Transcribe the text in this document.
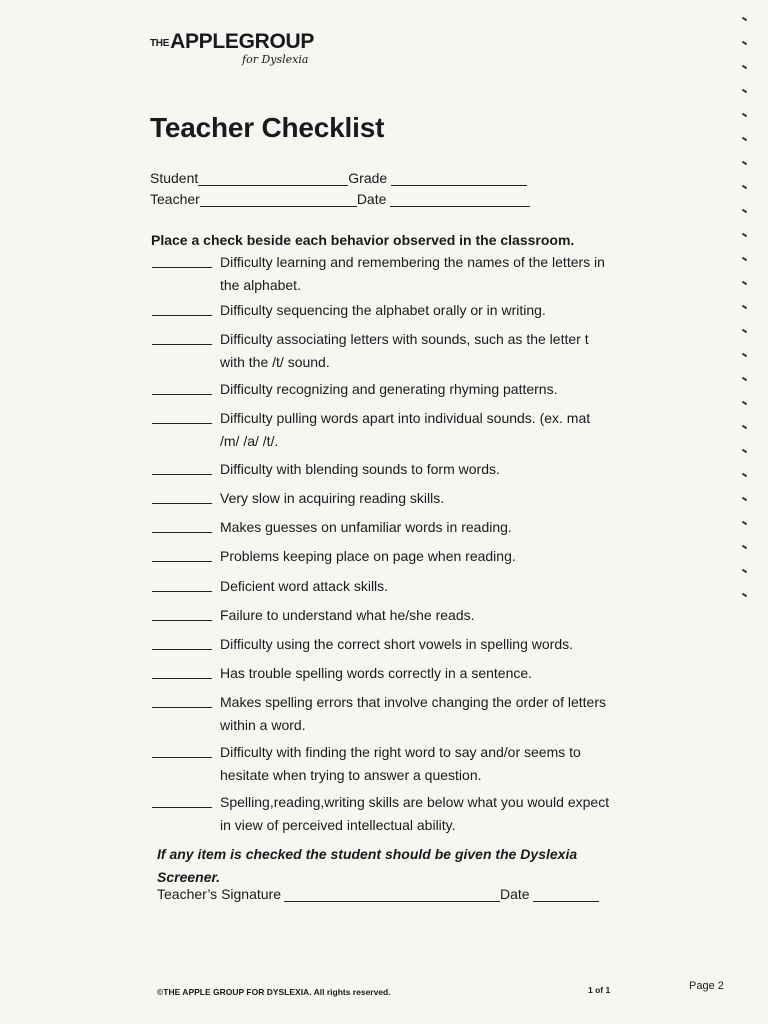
$^{THE}$APPLEGROUP
for Dyslexia
Teacher Checklist
Student	Grade
Teacher	Date
Place a check beside each behavior observed in the classroom.
Difficulty learning and remembering the names of the letters in the alphabet.
Difficulty sequencing the alphabet orally or in writing.
Difficulty associating letters with sounds, such as the letter t with the /t/ sound.
Difficulty recognizing and generating rhyming patterns.
Difficulty pulling words apart into individual sounds. (ex. mat /m/ /a/ /t/.
Difficulty with blending sounds to form words.
Very slow in acquiring reading skills.
Makes guesses on unfamiliar words in reading.
Problems keeping place on page when reading.
Deficient word attack skills.
Failure to understand what he/she reads.
Difficulty using the correct short vowels in spelling words.
Has trouble spelling words correctly in a sentence.
Makes spelling errors that involve changing the order of letters within a word.
Difficulty with finding the right word to say and/or seems to hesitate when trying to answer a question.
Spelling,reading,writing skills are below what you would expect in view of perceived intellectual ability.
If any item is checked the student should be given the Dyslexia Screener.
Teacher’s Signature	Date
©THE APPLE GROUP FOR DYSLEXIA. All rights reserved.	1 of 1	Page 2
